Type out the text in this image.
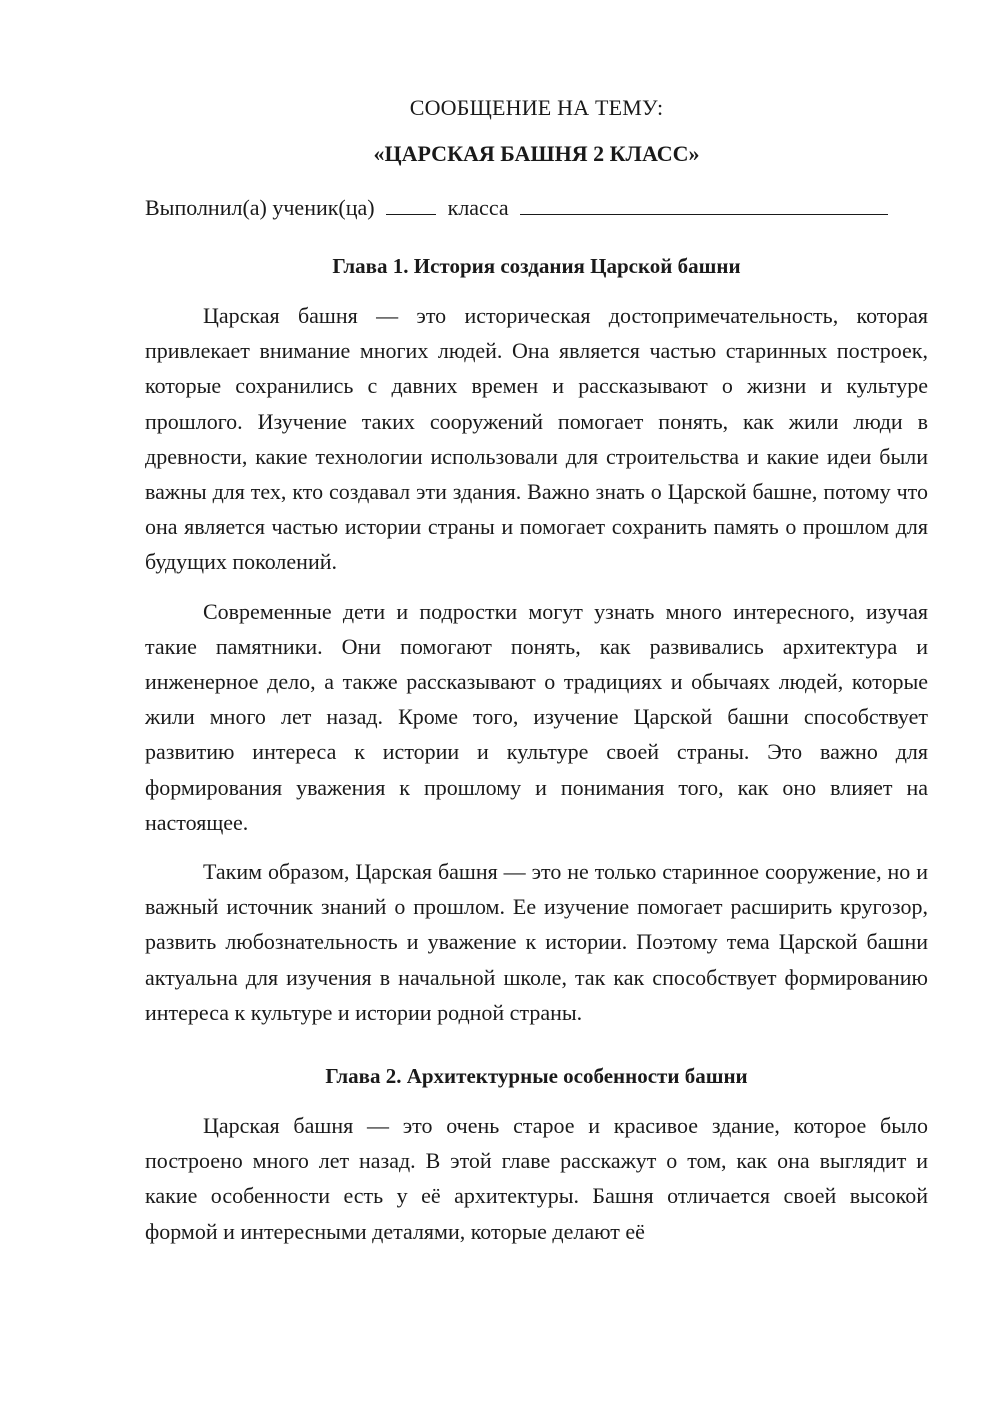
СООБЩЕНИЕ НА ТЕМУ:
«ЦАРСКАЯ БАШНЯ 2 КЛАСС»
Выполнил(а) ученик(ца)	класса
Глава 1. История создания Царской башни

Царская башня — это историческая достопримечательность, которая привлекает внимание многих людей. Она является частью старинных построек, которые сохранились с давних времен и рассказывают о жизни и культуре прошлого. Изучение таких сооружений помогает понять, как жили люди в древности, какие технологии использовали для строительства и какие идеи были важны для тех, кто создавал эти здания. Важно знать о Царской башне, потому что она является частью истории страны и помогает сохранить память о прошлом для будущих поколений.

Современные дети и подростки могут узнать много интересного, изучая такие памятники. Они помогают понять, как развивались архитектура и инженерное дело, а также рассказывают о традициях и обычаях людей, которые жили много лет назад. Кроме того, изучение Царской башни способствует развитию интереса к истории и культуре своей страны. Это важно для формирования уважения к прошлому и понимания того, как оно влияет на настоящее.

Таким образом, Царская башня — это не только старинное сооружение, но и важный источник знаний о прошлом. Ее изучение помогает расширить кругозор, развить любознательность и уважение к истории. Поэтому тема Царской башни актуальна для изучения в начальной школе, так как способствует формированию интереса к культуре и истории родной страны.

Глава 2. Архитектурные особенности башни

Царская башня — это очень старое и красивое здание, которое было построено много лет назад. В этой главе расскажут о том, как она выглядит и какие особенности есть у её архитектуры. Башня отличается своей высокой формой и интересными деталями, которые делают её
